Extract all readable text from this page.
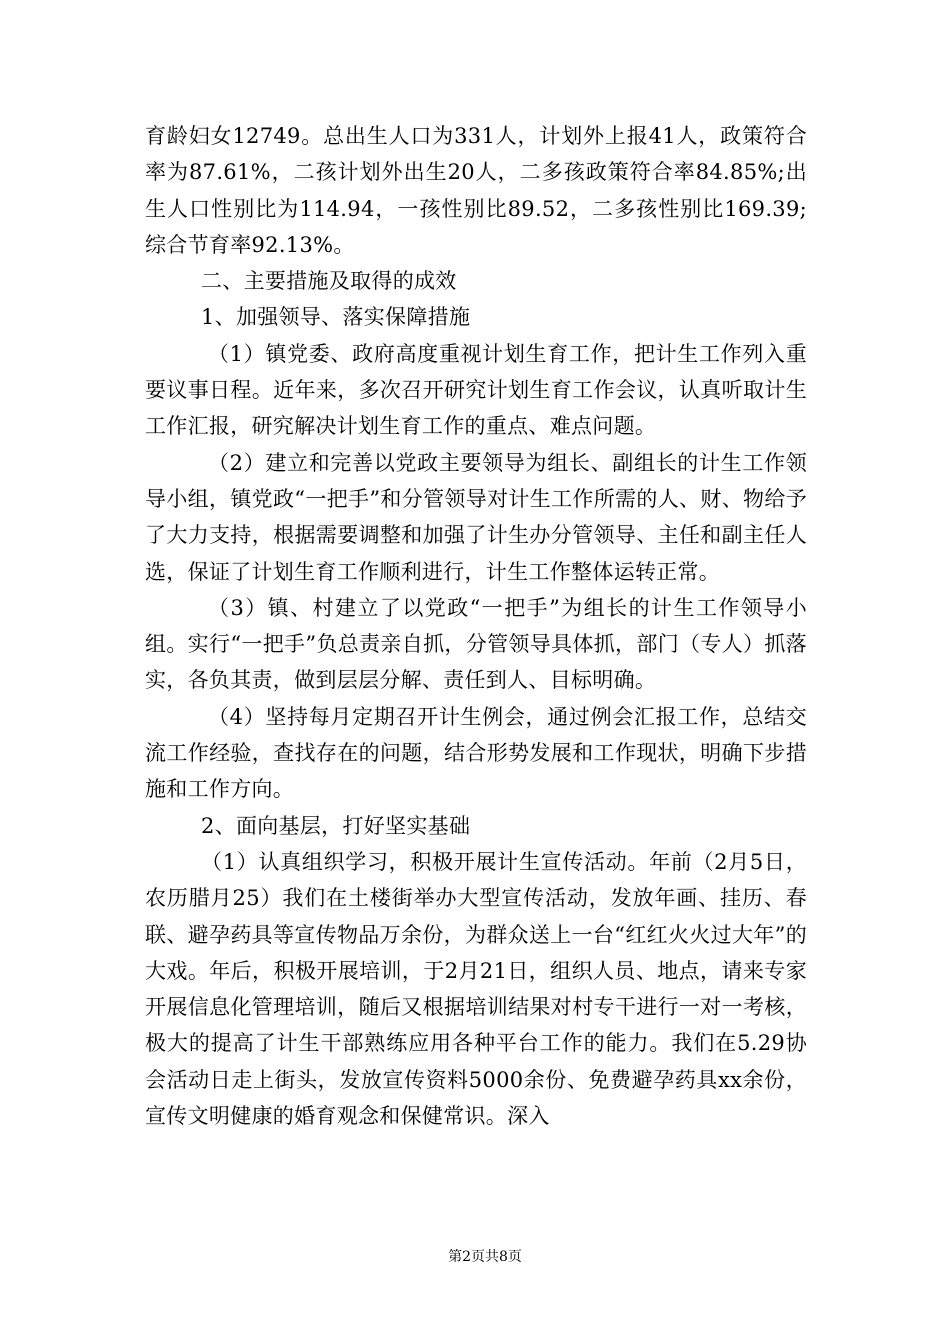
育龄妇女12749。总出生人口为331人，计划外上报41人，政策符合率为87.61%，二孩计划外出生20人，二多孩政策符合率84.85%;出生人口性别比为114.94，一孩性别比89.52，二多孩性别比169.39;综合节育率92.13%。

二、主要措施及取得的成效

1、加强领导、落实保障措施

（1）镇党委、政府高度重视计划生育工作，把计生工作列入重要议事日程。近年来，多次召开研究计划生育工作会议，认真听取计生工作汇报，研究解决计划生育工作的重点、难点问题。

（2）建立和完善以党政主要领导为组长、副组长的计生工作领导小组，镇党政“一把手”和分管领导对计生工作所需的人、财、物给予了大力支持，根据需要调整和加强了计生办分管领导、主任和副主任人选，保证了计划生育工作顺利进行，计生工作整体运转正常。

（3）镇、村建立了以党政“一把手”为组长的计生工作领导小组。实行“一把手”负总责亲自抓，分管领导具体抓，部门（专人）抓落实，各负其责，做到层层分解、责任到人、目标明确。

（4）坚持每月定期召开计生例会，通过例会汇报工作，总结交流工作经验，查找存在的问题，结合形势发展和工作现状，明确下步措施和工作方向。

2、面向基层，打好坚实基础

（1）认真组织学习，积极开展计生宣传活动。年前（2月5日，农历腊月25）我们在土楼街举办大型宣传活动，发放年画、挂历、春联、避孕药具等宣传物品万余份，为群众送上一台“红红火火过大年”的大戏。年后，积极开展培训，于2月21日，组织人员、地点，请来专家开展信息化管理培训，随后又根据培训结果对村专干进行一对一考核，极大的提高了计生干部熟练应用各种平台工作的能力。我们在5.29协会活动日走上街头，发放宣传资料5000余份、免费避孕药具xx余份，宣传文明健康的婚育观念和保健常识。深入

第2页共8页
